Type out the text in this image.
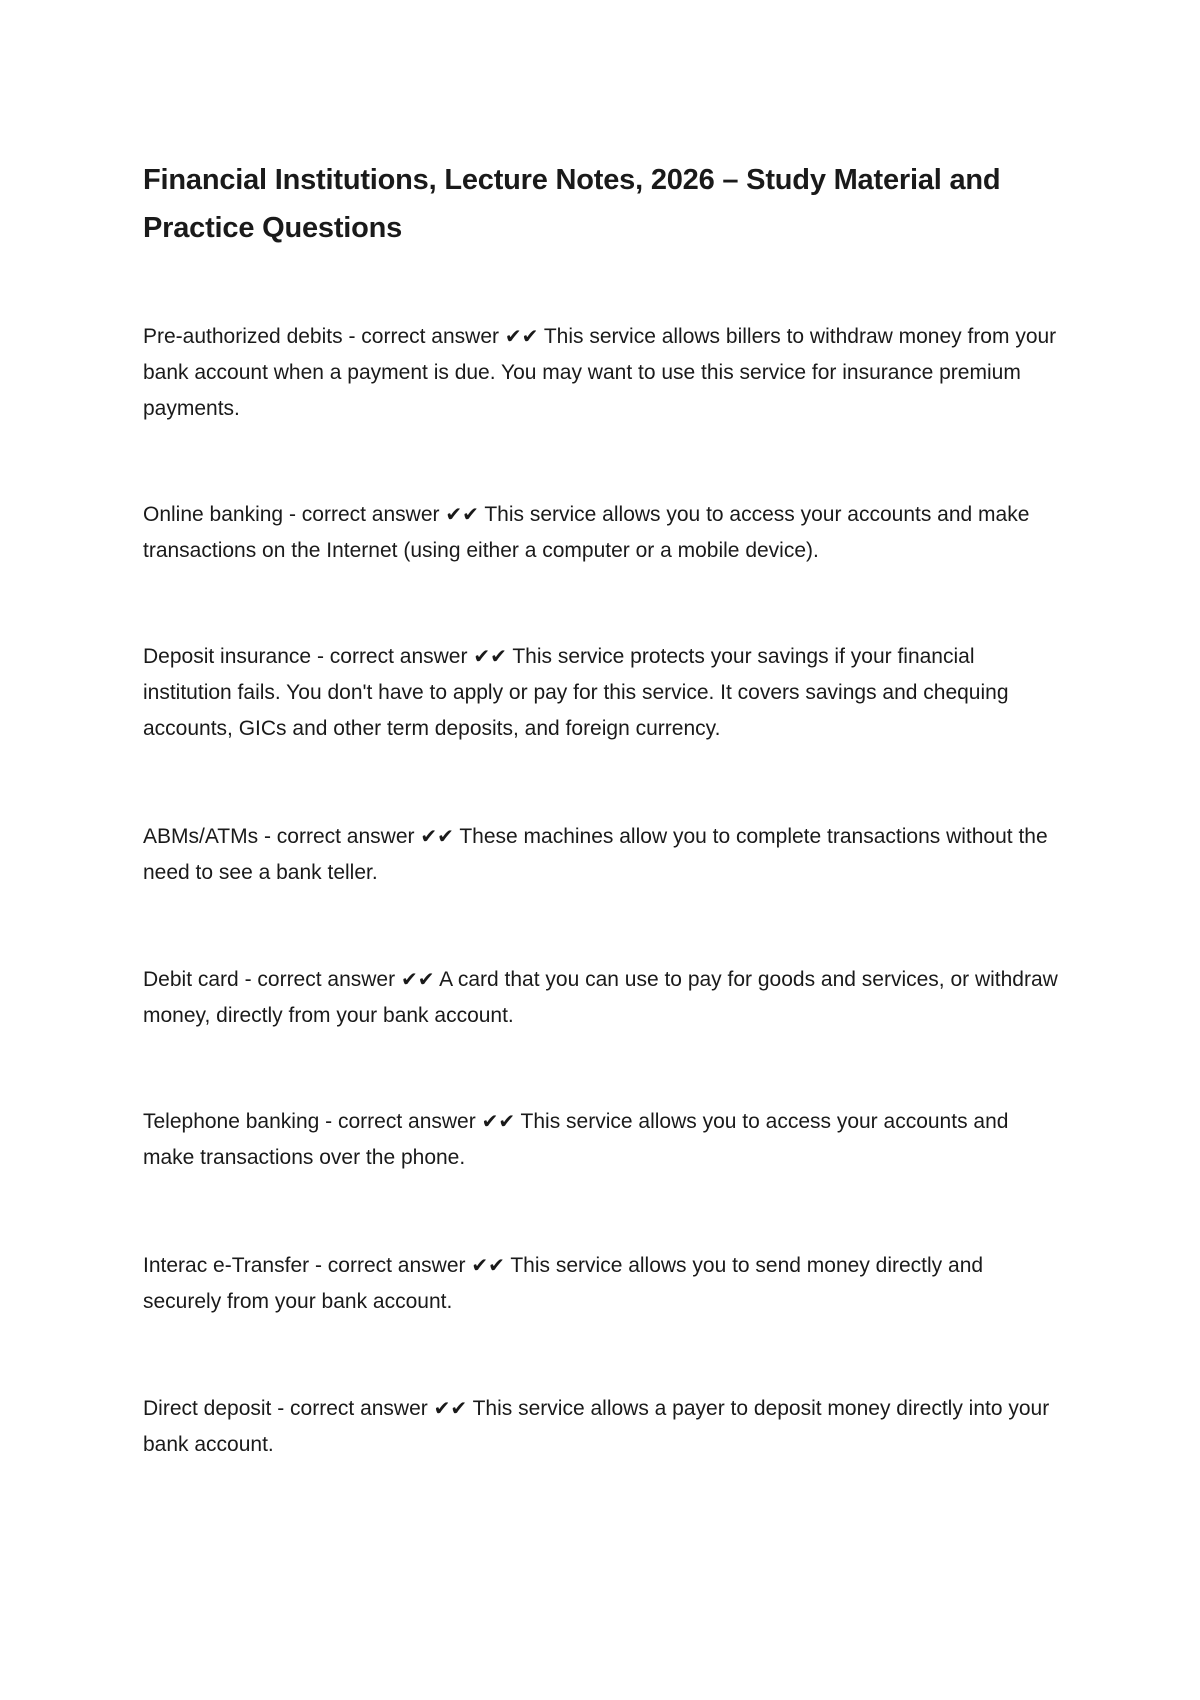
Financial Institutions, Lecture Notes, 2026 – Study Material and Practice Questions

Pre-authorized debits - correct answer ✔✔ This service allows billers to withdraw money from your bank account when a payment is due. You may want to use this service for insurance premium payments.

Online banking - correct answer ✔✔ This service allows you to access your accounts and make transactions on the Internet (using either a computer or a mobile device).

Deposit insurance - correct answer ✔✔ This service protects your savings if your financial institution fails. You don't have to apply or pay for this service. It covers savings and chequing accounts, GICs and other term deposits, and foreign currency.

ABMs/ATMs - correct answer ✔✔ These machines allow you to complete transactions without the need to see a bank teller.

Debit card - correct answer ✔✔ A card that you can use to pay for goods and services, or withdraw money, directly from your bank account.

Telephone banking - correct answer ✔✔ This service allows you to access your accounts and make transactions over the phone.

Interac e-Transfer - correct answer ✔✔ This service allows you to send money directly and securely from your bank account.

Direct deposit - correct answer ✔✔ This service allows a payer to deposit money directly into your bank account.
